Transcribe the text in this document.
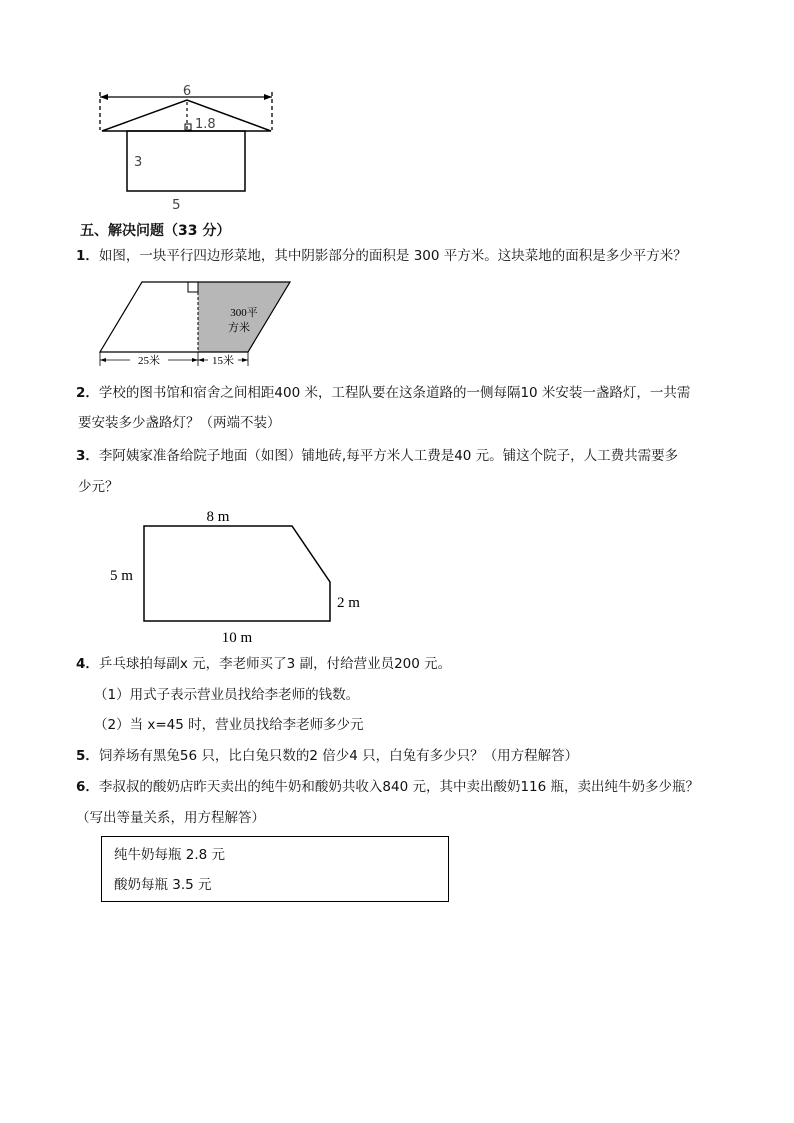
6
1.8
3
5
五、解决问题（33 分）
1．如图，一块平行四边形菜地，其中阴影部分的面积是 300 平方米。这块菜地的面积是多少平方米？
300平
方米
25米	15米
2．学校的图书馆和宿舍之间相距400 米，工程队要在这条道路的一侧每隔10 米安装一盏路灯，一共需
要安装多少盏路灯？（两端不装）
3．李阿姨家准备给院子地面（如图）铺地砖,每平方米人工费是40 元。铺这个院子，人工费共需要多
少元？
8 m
5 m
2 m
10 m
4．乒乓球拍每副x 元，李老师买了3 副，付给营业员200 元。
（1）用式子表示营业员找给李老师的钱数。
（2）当 x=45 时，营业员找给李老师多少元
5．饲养场有黑兔56 只，比白兔只数的2 倍少4 只，白兔有多少只？（用方程解答）
6．李叔叔的酸奶店昨天卖出的纯牛奶和酸奶共收入840 元，其中卖出酸奶116 瓶，卖出纯牛奶多少瓶？
（写出等量关系，用方程解答）
纯牛奶每瓶 2.8 元
酸奶每瓶 3.5 元
